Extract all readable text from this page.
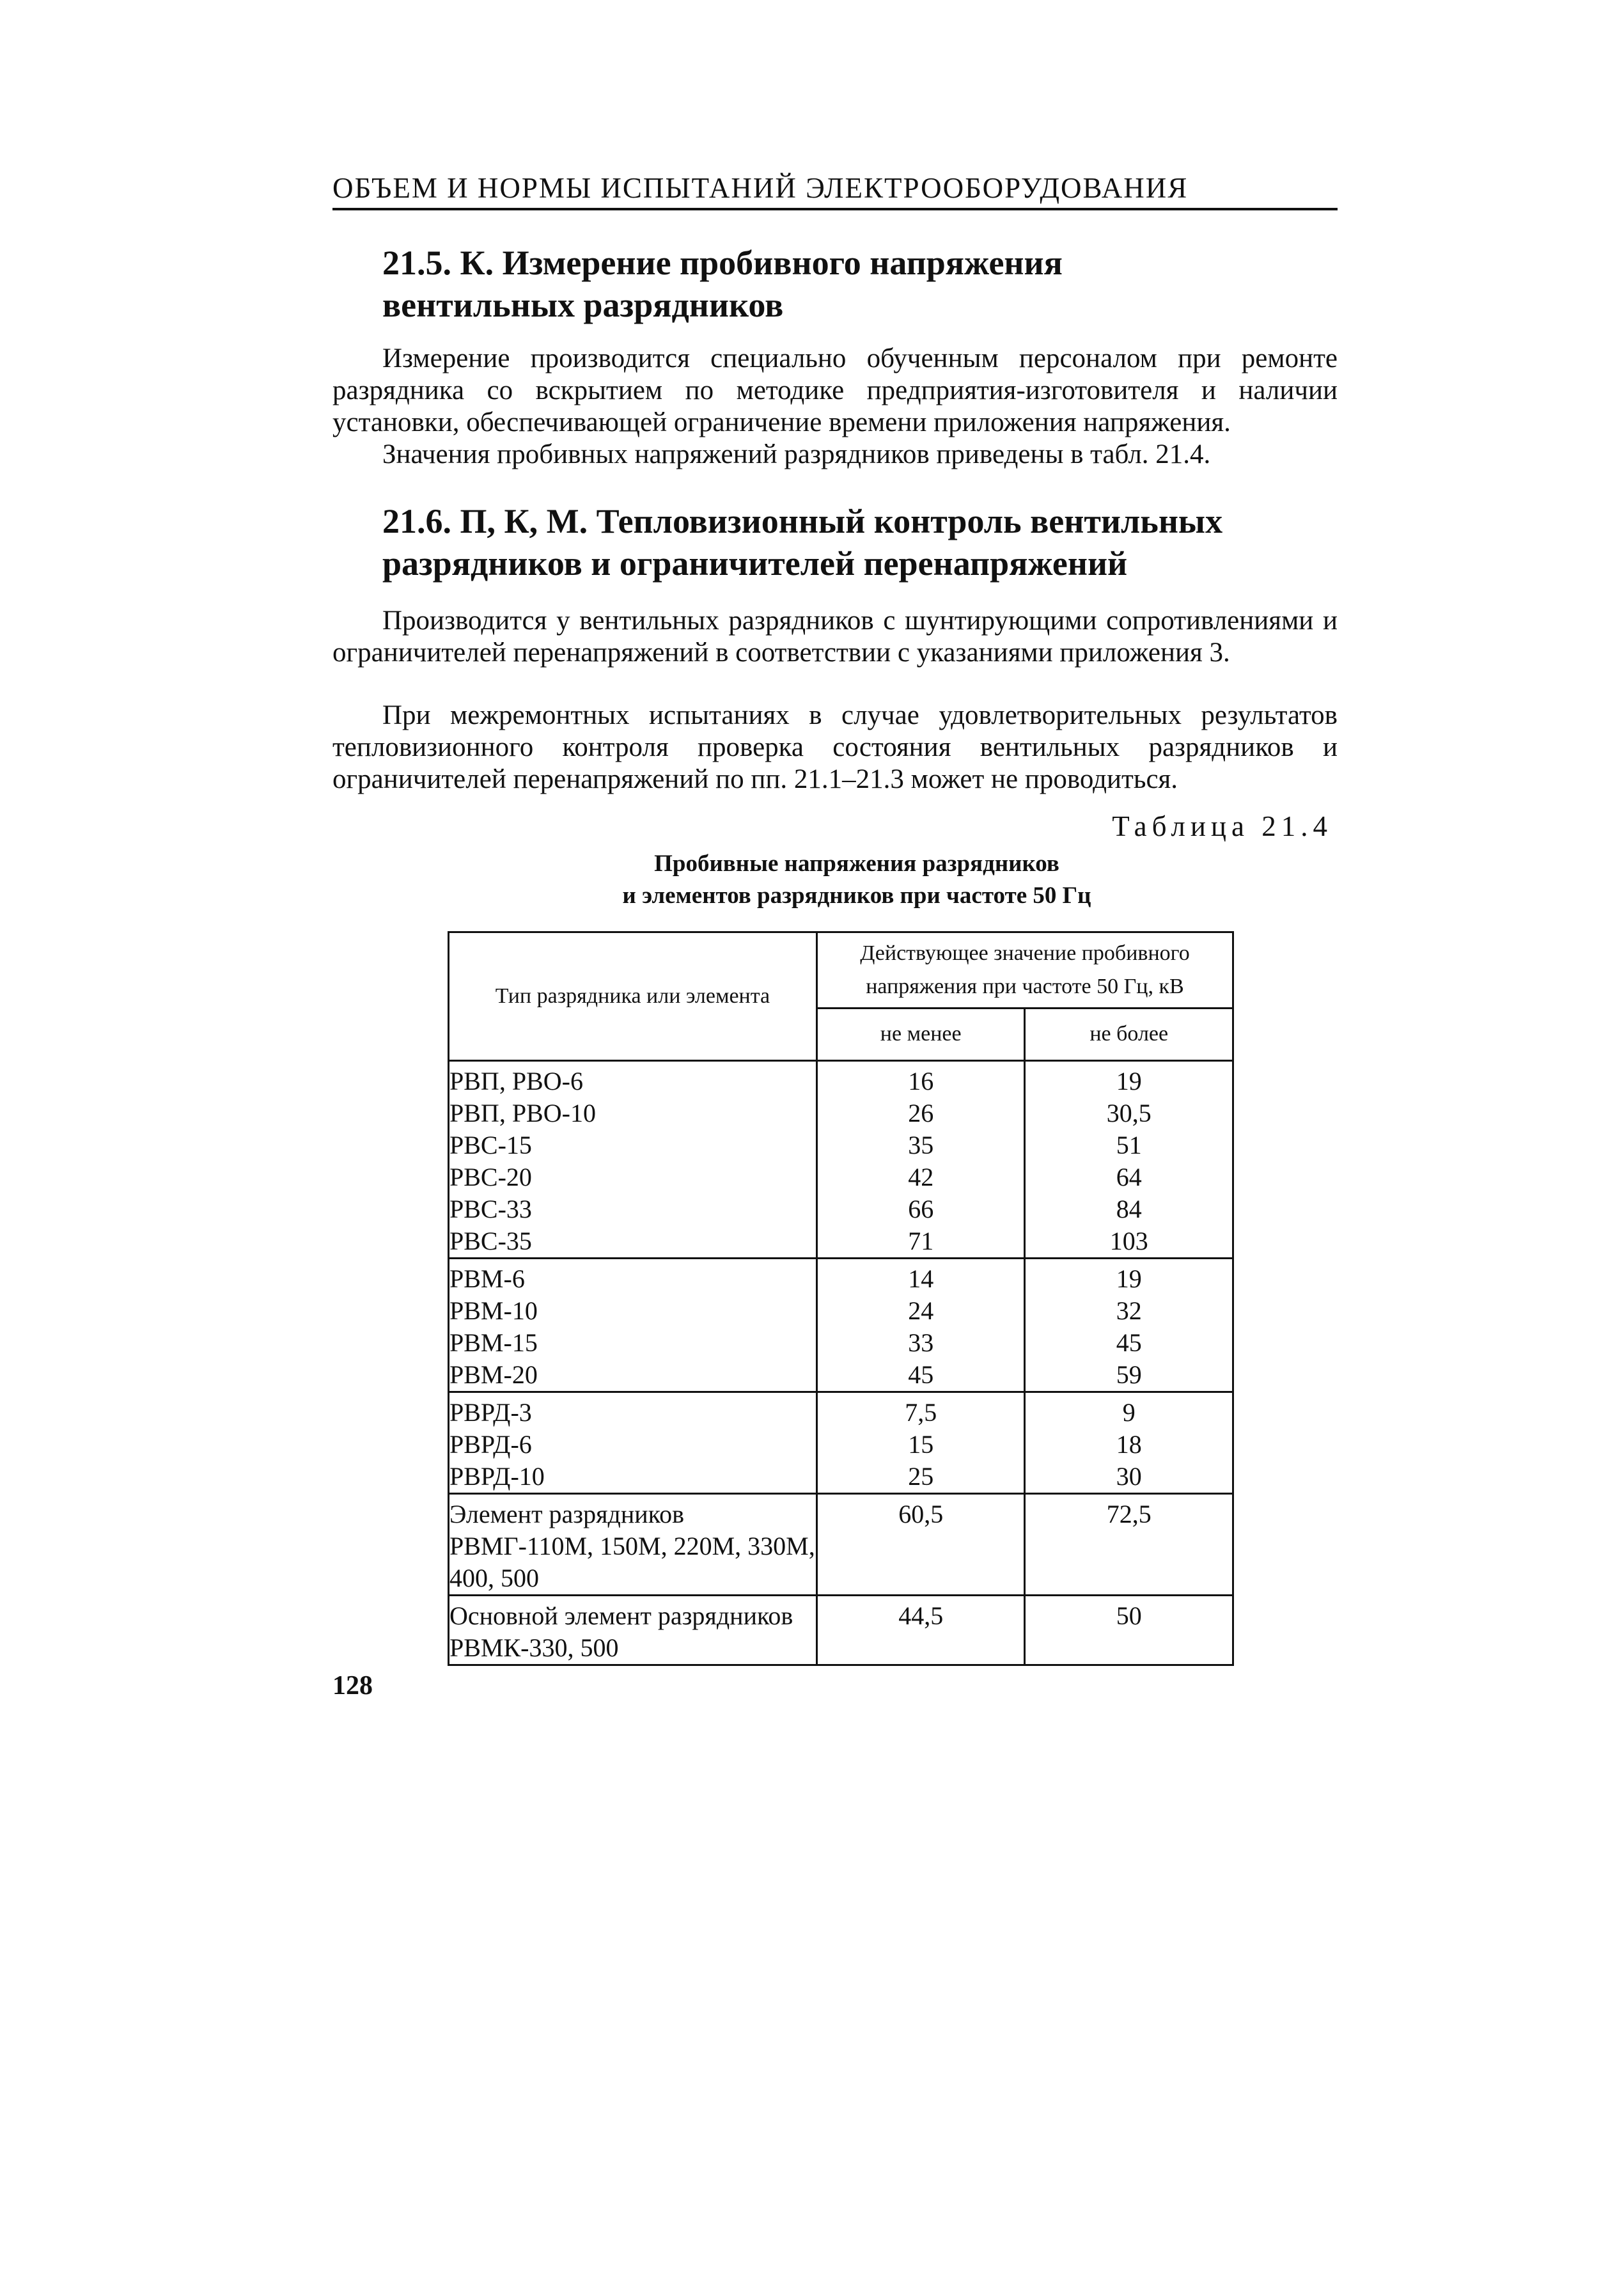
ОБЪЕМ И НОРМЫ ИСПЫТАНИЙ ЭЛЕКТРООБОРУДОВАНИЯ
21.5. К. Измерение пробивного напряжения
вентильных разрядников

Измерение производится специально обученным персоналом при ремонте разрядника со вскрытием по методике предприятия-изготовителя и наличии установки, обеспечивающей ограничение времени приложения напряжения.

Значения пробивных напряжений разрядников приведены в табл. 21.4.

21.6. П, К, М. Тепловизионный контроль вентильных
разрядников и ограничителей перенапряжений

Производится у вентильных разрядников с шунтирующими сопротивлениями и ограничителей перенапряжений в соответствии с указаниями приложения 3.

При межремонтных испытаниях в случае удовлетворительных результатов тепловизионного контроля проверка состояния вентильных разрядников и ограничителей перенапряжений по пп. 21.1–21.3 может не проводиться.

Таблица 21.4
Пробивные напряжения разрядников
и элементов разрядников при частоте 50 Гц
Тип разрядника или элемента	Действующее значение пробивного
напряжения при частоте 50 Гц, кВ	

	не менее	не более
РВП, РВО-6	16	19
РВП, РВО-10	26	30,5
РВС-15	35	51
РВС-20	42	64
РВС-33	66	84
РВС-35	71	103
РВМ-6	14	19
РВМ-10	24	32
РВМ-15	33	45
РВМ-20	45	59
РВРД-3	7,5	9
РВРД-6	15	18
РВРД-10	25	30
Элемент разрядников РВМГ-110М, 150М, 220М, 330М, 400, 500	60,5	72,5
Основной элемент разрядников РВМК-330, 500	44,5	50
128
